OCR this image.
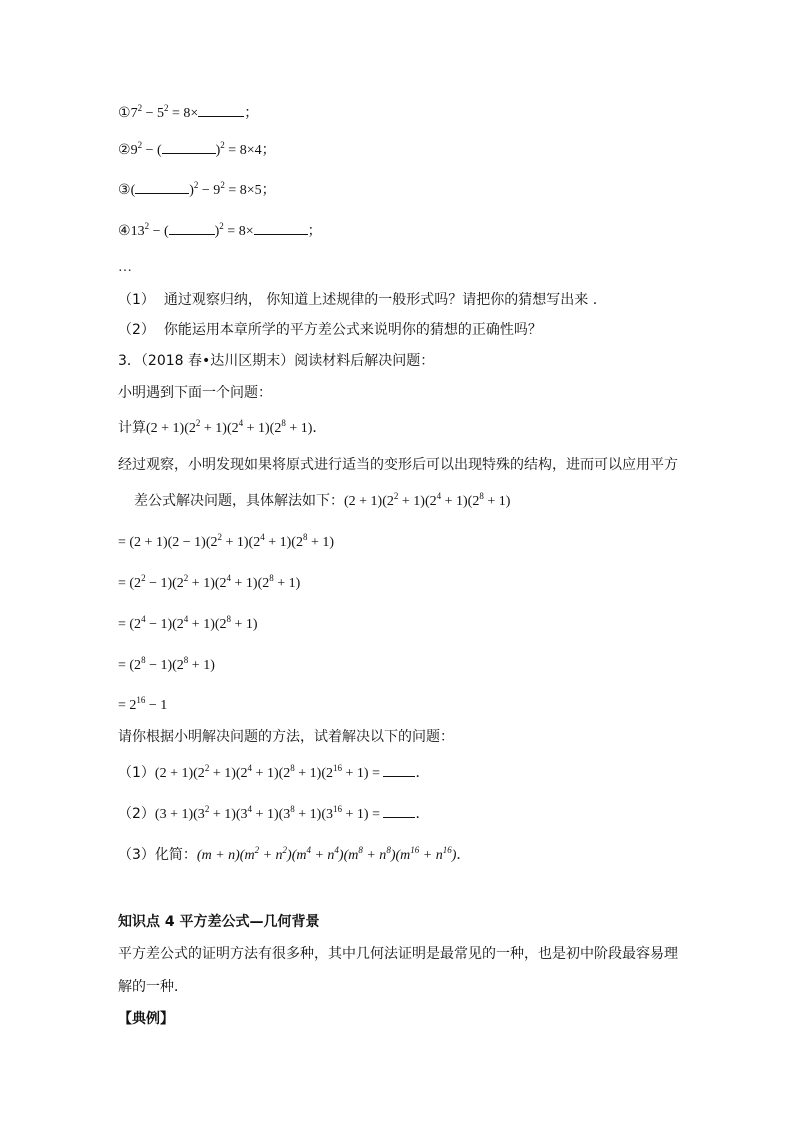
$①7^2 - 5^2 = 8\times$	；
$②9^2$ − (	)$^2$ = 8×4；
③(	)$^2 - 9^2 = 8\times 5$；
$④13^2$ − (	)$^2$ = 8×	；
…
（1） 通过观察归纳， 你知道上述规律的一般形式吗？请把你的猜想写出来 .
（2） 你能运用本章所学的平方差公式来说明你的猜想的正确性吗？
3．（2018 春•达川区期末）阅读材料后解决问题：
小明遇到下面一个问题：
计算$(2 + 1)(2^2 + 1)(2^4 + 1)(2^8 + 1)$．
经过观察，小明发现如果将原式进行适当的变形后可以出现特殊的结构，进而可以应用平方
差公式解决问题，具体解法如下：$(2 + 1)(2^2 + 1)(2^4 + 1)(2^8 + 1)$
= $(2 + 1)(2 - 1)(2^2 + 1)(2^4 + 1)(2^8 + 1)$
= $(2^2 - 1)(2^2 + 1)(2^4 + 1)(2^8 + 1)$
= $(2^4 - 1)(2^4 + 1)(2^8 + 1)$
= $(2^8 - 1)(2^8 + 1)$
= $2^{16} - 1$
请你根据小明解决问题的方法，试着解决以下的问题：
$(1)(2 + 1)(2^2 + 1)(2^4 + 1)(2^8 + 1)(2^{16} + 1)$ = ．
$(2)(3 + 1)(3^2 + 1)(3^4 + 1)(3^8 + 1)(3^{16} + 1)$ = ．
（3）化简：$(m + n)(m^2 + n^2)(m^4 + n^4)(m^8 + n^8)(m^{16} + n^{16})$．
知识点 4 平方差公式—几何背景
平方差公式的证明方法有很多种，其中几何法证明是最常见的一种，也是初中阶段最容易理
解的一种．
【典例】
